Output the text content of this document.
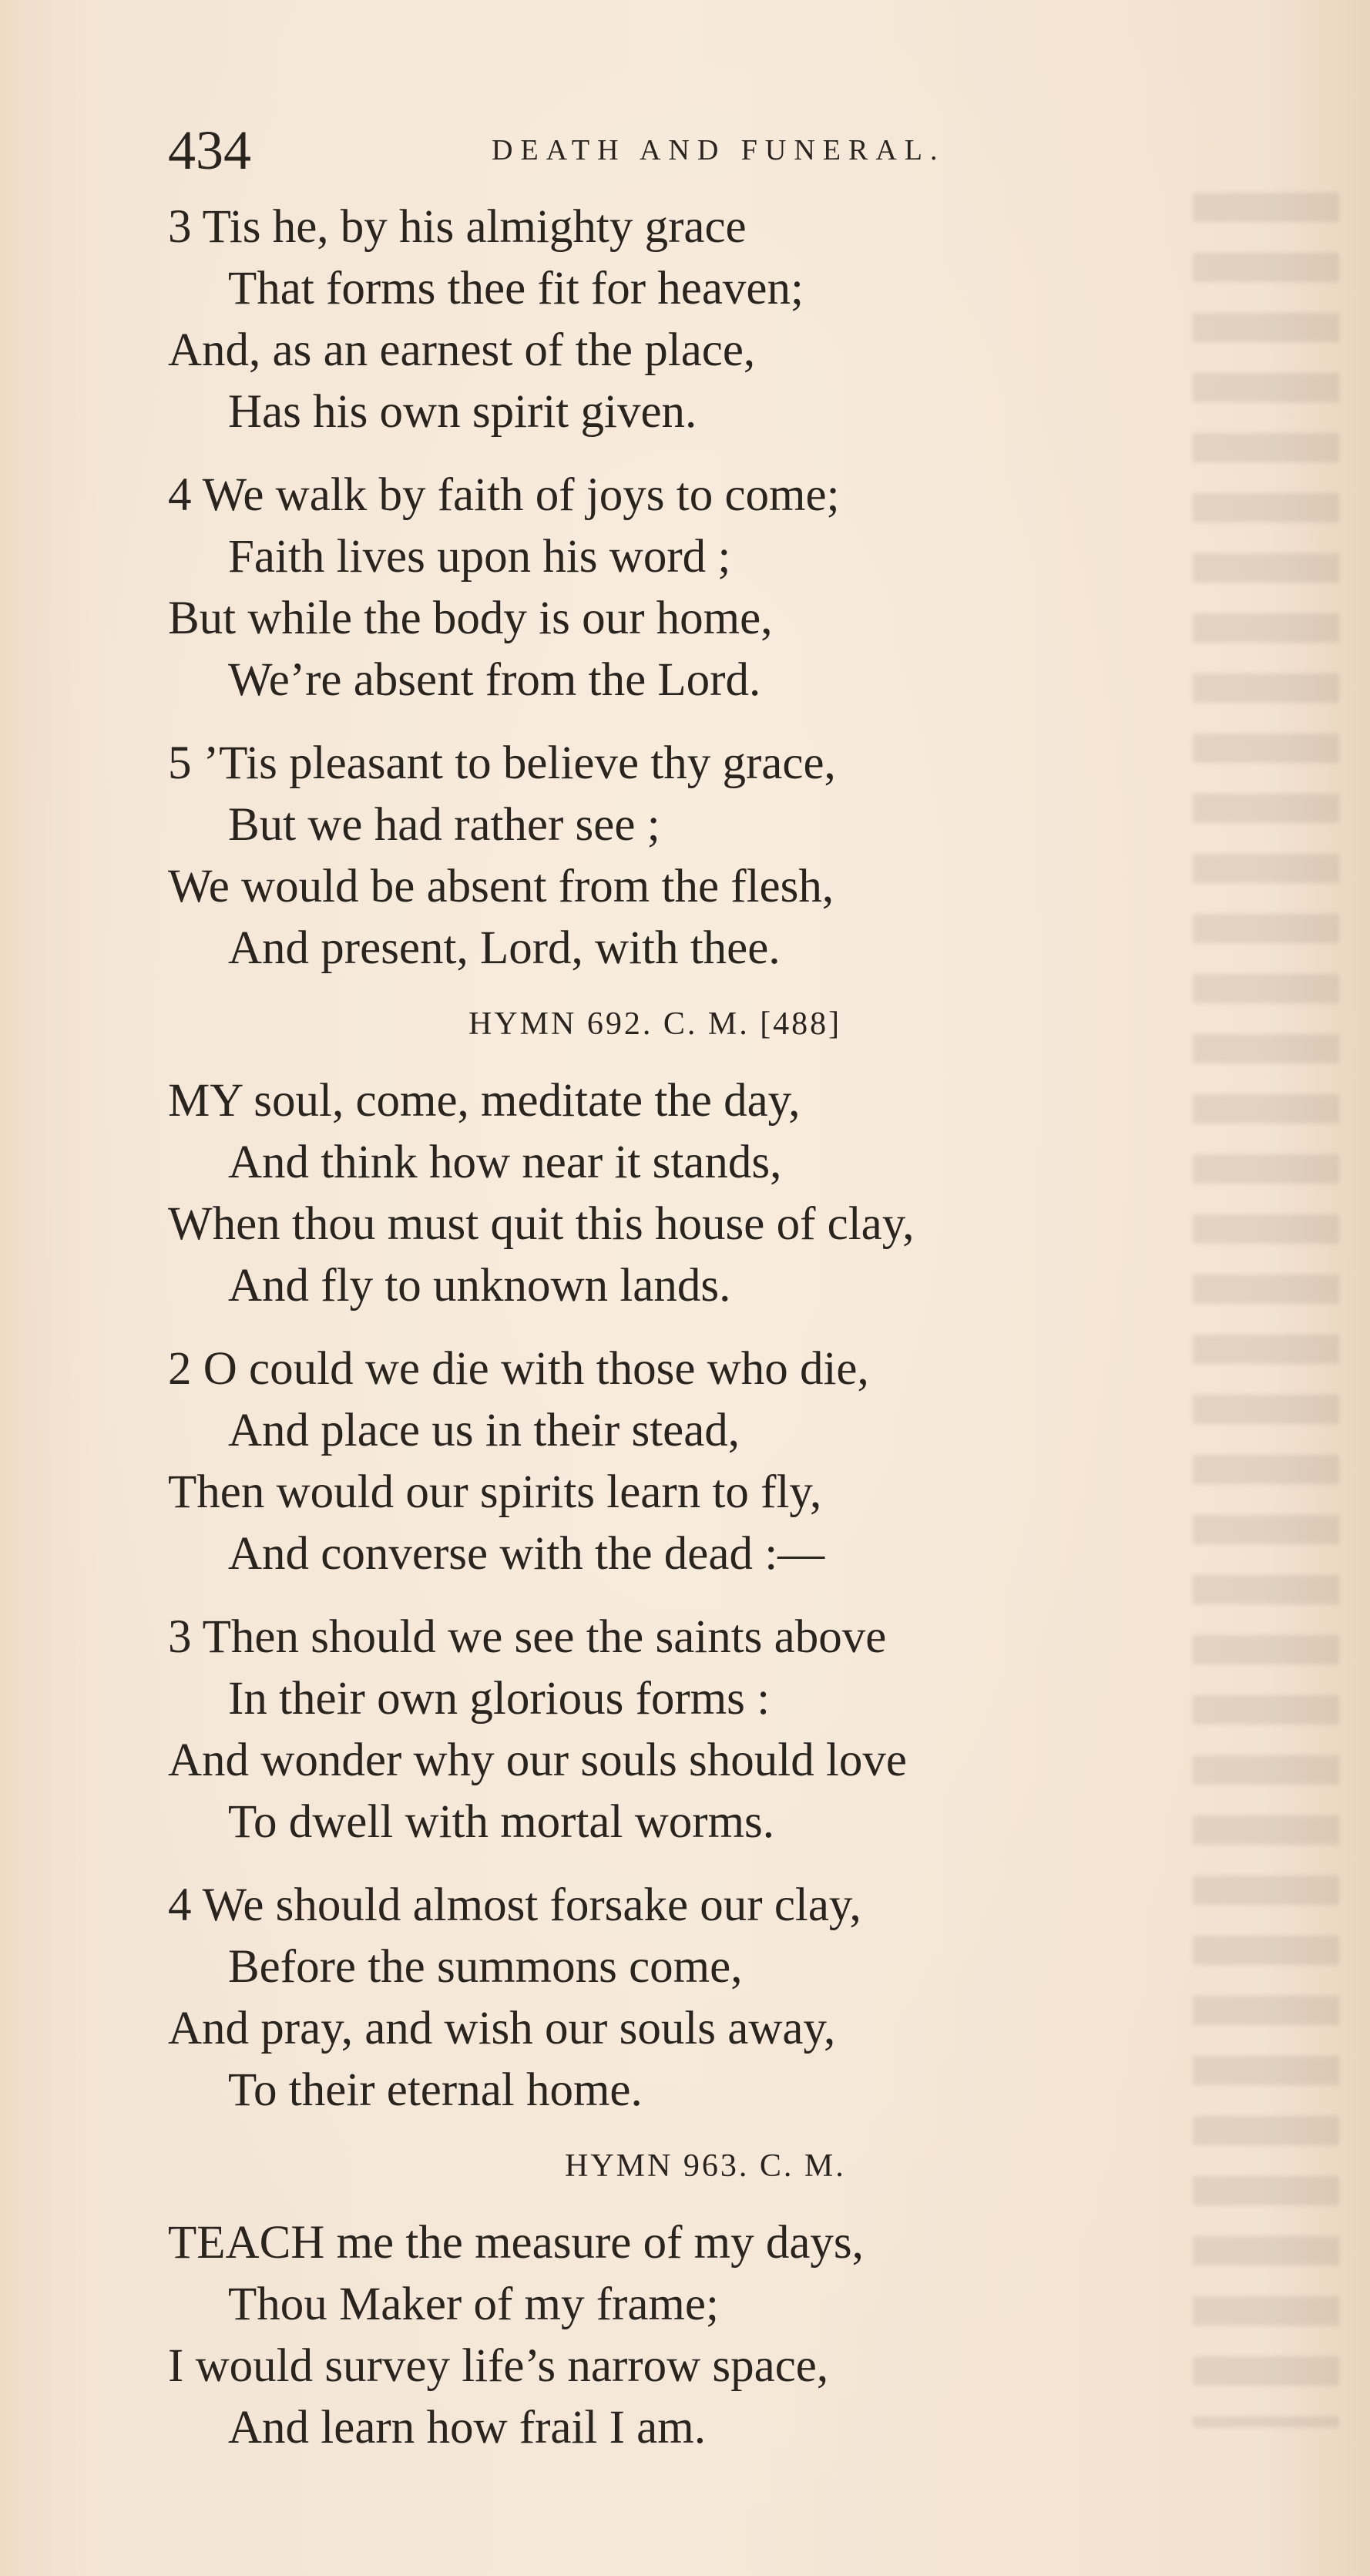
434	DEATH AND FUNERAL.
3 Tis he, by his almighty grace
That forms thee fit for heaven;
And, as an earnest of the place,
Has his own spirit given.
4 We walk by faith of joys to come;
Faith lives upon his word ;
But while the body is our home,
We’re absent from the Lord.
5 ’Tis pleasant to believe thy grace,
But we had rather see ;
We would be absent from the flesh,
And present, Lord, with thee.
HYMN 692. C. M. [488]
MY soul, come, meditate the day,
And think how near it stands,
When thou must quit this house of clay,
And fly to unknown lands.
2 O could we die with those who die,
And place us in their stead,
Then would our spirits learn to fly,
And converse with the dead :—
3 Then should we see the saints above
In their own glorious forms :
And wonder why our souls should love
To dwell with mortal worms.
4 We should almost forsake our clay,
Before the summons come,
And pray, and wish our souls away,
To their eternal home.
HYMN 963. C. M.
TEACH me the measure of my days,
Thou Maker of my frame;
I would survey life’s narrow space,
And learn how frail I am.
